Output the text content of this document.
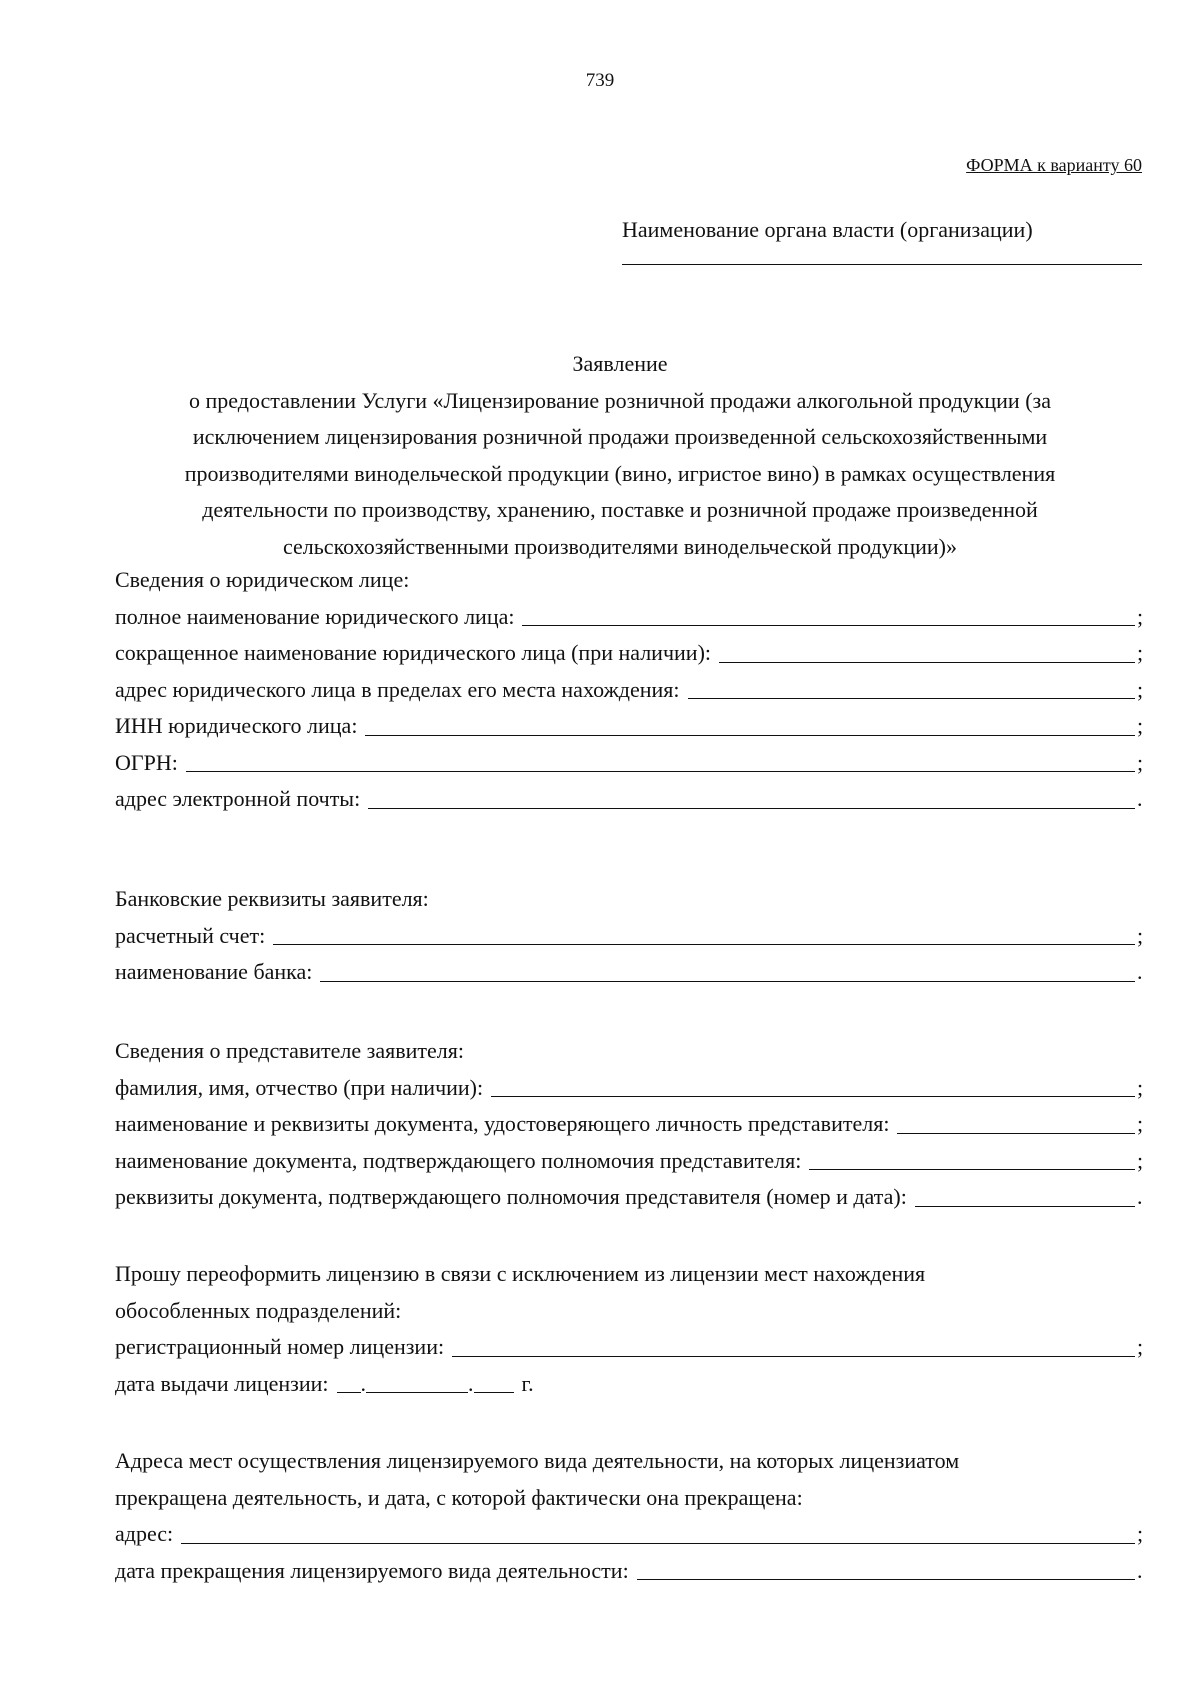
739
ФОРМА к варианту 60
Наименование органа власти (организации)
Заявление
о предоставлении Услуги «Лицензирование розничной продажи алкогольной продукции (за
исключением лицензирования розничной продажи произведенной сельскохозяйственными
производителями винодельческой продукции (вино, игристое вино) в рамках осуществления
деятельности по производству, хранению, поставке и розничной продаже произведенной
сельскохозяйственными производителями винодельческой продукции)»
Сведения о юридическом лице:
полное наименование юридического лица:	;
сокращенное наименование юридического лица (при наличии):	;
адрес юридического лица в пределах его места нахождения:	;
ИНН юридического лица:	;
ОГРН:	;
адрес электронной почты:	.
Банковские реквизиты заявителя:
расчетный счет:	;
наименование банка:	.
Сведения о представителе заявителя:
фамилия, имя, отчество (при наличии):	;
наименование и реквизиты документа, удостоверяющего личность представителя:	;
наименование документа, подтверждающего полномочия представителя:	;
реквизиты документа, подтверждающего полномочия представителя (номер и дата):	.
Прошу переоформить лицензию в связи с исключением из лицензии мест нахождения
обособленных подразделений:
регистрационный номер лицензии:	;
дата выдачи лицензии: .	. г.
Адреса мест осуществления лицензируемого вида деятельности, на которых лицензиатом
прекращена деятельность, и дата, с которой фактически она прекращена:
адрес:	;
дата прекращения лицензируемого вида деятельности:	.
